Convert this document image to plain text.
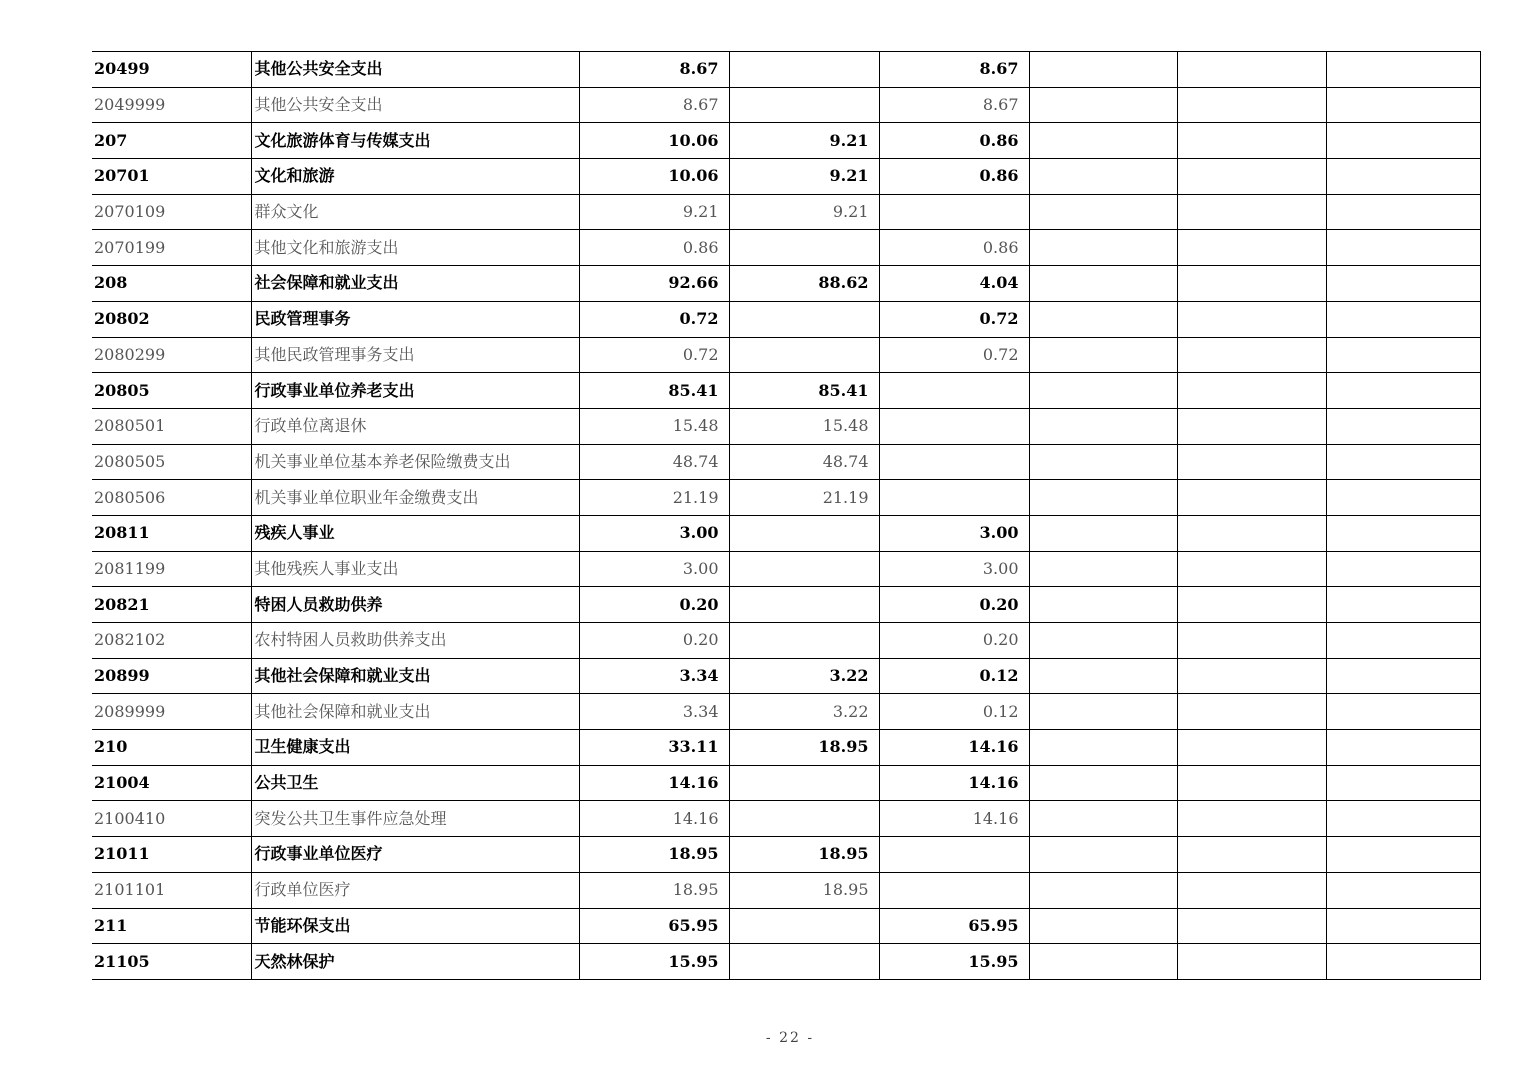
20499	其他公共安全支出	8.67		8.67			
2049999	其他公共安全支出	8.67		8.67			
207	文化旅游体育与传媒支出	10.06	9.21	0.86			
20701	文化和旅游	10.06	9.21	0.86			
2070109	群众文化	9.21	9.21				
2070199	其他文化和旅游支出	0.86		0.86			
208	社会保障和就业支出	92.66	88.62	4.04			
20802	民政管理事务	0.72		0.72			
2080299	其他民政管理事务支出	0.72		0.72			
20805	行政事业单位养老支出	85.41	85.41				
2080501	行政单位离退休	15.48	15.48				
2080505	机关事业单位基本养老保险缴费支出	48.74	48.74				
2080506	机关事业单位职业年金缴费支出	21.19	21.19				
20811	残疾人事业	3.00		3.00			
2081199	其他残疾人事业支出	3.00		3.00			
20821	特困人员救助供养	0.20		0.20			
2082102	农村特困人员救助供养支出	0.20		0.20			
20899	其他社会保障和就业支出	3.34	3.22	0.12			
2089999	其他社会保障和就业支出	3.34	3.22	0.12			
210	卫生健康支出	33.11	18.95	14.16			
21004	公共卫生	14.16		14.16			
2100410	突发公共卫生事件应急处理	14.16		14.16			
21011	行政事业单位医疗	18.95	18.95				
2101101	行政单位医疗	18.95	18.95				
211	节能环保支出	65.95		65.95			
21105	天然林保护	15.95		15.95			
- 22 -
